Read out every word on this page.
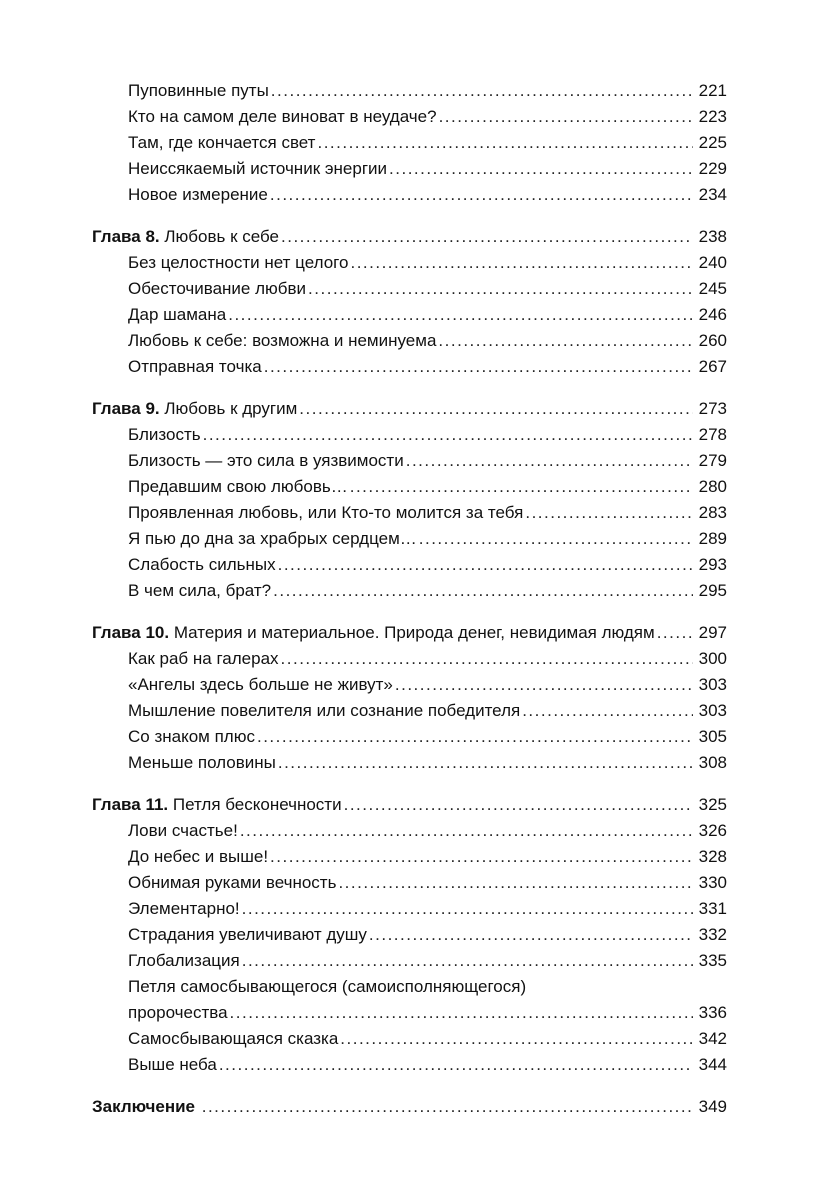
Пуповинные путы .....	221
Кто на самом деле виноват в неудаче? .....	223
Там, где кончается свет .....	225
Неиссякаемый источник энергии .....	229
Новое измерение .....	234
Глава 8. Любовь к себе .....	238
Без целостности нет целого .....	240
Обесточивание любви .....	245
Дар шамана .....	246
Любовь к себе: возможна и неминуема .....	260
Отправная точка .....	267
Глава 9. Любовь к другим .....	273
Близость .....	278
Близость — это сила в уязвимости .....	279
Предавшим свою любовь… .....	280
Проявленная любовь, или Кто-то молится за тебя .....	283
Я пью до дна за храбрых сердцем… .....	289
Слабость сильных .....	293
В чем сила, брат? .....	295
Глава 10. Материя и материальное. Природа денег, невидимая людям .....	297
Как раб на галерах .....	300
«Ангелы здесь больше не живут» .....	303
Мышление повелителя или сознание победителя .....	303
Со знаком плюс .....	305
Меньше половины .....	308
Глава 11. Петля бесконечности .....	325
Лови счастье! .....	326
До небес и выше! .....	328
Обнимая руками вечность .....	330
Элементарно! .....	331
Страдания увеличивают душу .....	332
Глобализация .....	335
Петля самосбывающегося (самоисполняющегося)
пророчества .....	336
Самосбывающаяся сказка .....	342
Выше неба .....	344
Заключение .....	349
